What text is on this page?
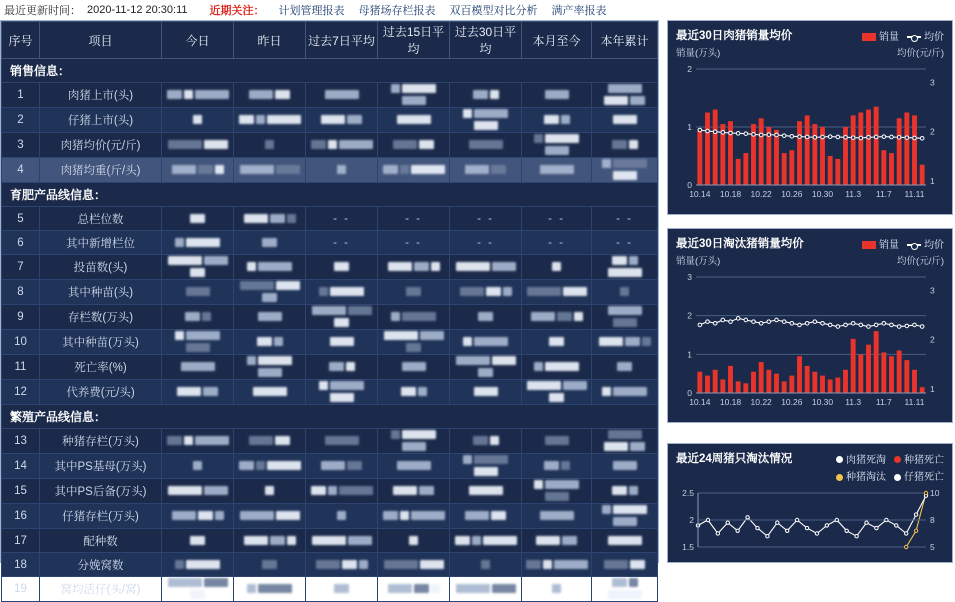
最近更新时间： 2020-11-12 20:30:11 近期关注： 计划管理报表 母猪场存栏报表 双百模型对比分析 满产率报表
序号	项目	今日	昨日	过去7日平均	过去15日平均	过去30日平均	本月至今	本年累计
销售信息：								
1	肉猪上市(头)							
2	仔猪上市(头)							
3	肉猪均价(元/斤)							
4	肉猪均重(斤/头)							
育肥产品线信息：								
5	总栏位数			- -	- -	- -	- -	- -
6	其中新增栏位			- -	- -	- -	- -	- -
7	投苗数(头)							
8	其中种苗(头)							
9	存栏数(万头)							
10	其中种苗(万头)							
11	死亡率(%)							
12	代养费(元/头)							
繁殖产品线信息：								
13	种猪存栏(万头)							
14	其中PS基母(万头)							
15	其中PS后备(万头)							
16	仔猪存栏(万头)							
17	配种数							
18	分娩窝数							
19	窝均活仔(头/窝)							
最近30日肉猪销量均价	销量	均价
销量(万头)	均价(元/斤)
0
1
2
1
2
3
10.14 10.18 10.22 10.26 10.30 11.3 11.7 11.11
最近30日淘汰猪销量均价	销量	均价
销量(万头)	均价(元/斤)
0
1
2
3
1
2
3
10.14 10.18 10.22 10.26 10.30 11.3 11.7 11.11
最近24周猪只淘汰情况	肉猪死淘	种猪死亡
种猪淘汰	仔猪死亡
1.5
2
2.5
5
8
10
